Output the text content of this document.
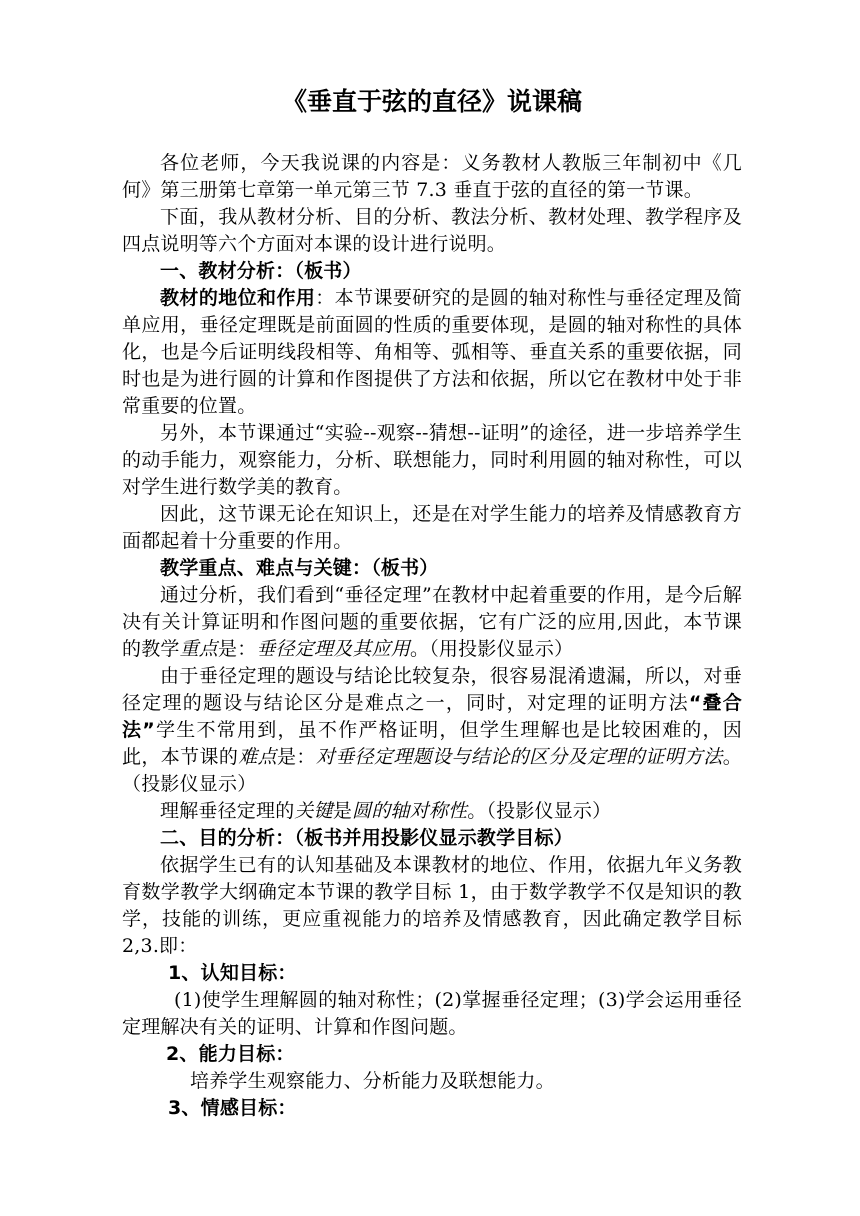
《垂直于弦的直径》说课稿

各位老师，今天我说课的内容是：义务教材人教版三年制初中《几何》第三册第七章第一单元第三节 7.3 垂直于弦的直径的第一节课。

下面，我从教材分析、目的分析、教法分析、教材处理、教学程序及四点说明等六个方面对本课的设计进行说明。

一、教材分析：（板书）

教材的地位和作用：本节课要研究的是圆的轴对称性与垂径定理及简单应用，垂径定理既是前面圆的性质的重要体现，是圆的轴对称性的具体化，也是今后证明线段相等、角相等、弧相等、垂直关系的重要依据，同时也是为进行圆的计算和作图提供了方法和依据，所以它在教材中处于非常重要的位置。

另外，本节课通过“实验--观察--猜想--证明”的途径，进一步培养学生的动手能力，观察能力，分析、联想能力，同时利用圆的轴对称性，可以对学生进行数学美的教育。

因此，这节课无论在知识上，还是在对学生能力的培养及情感教育方面都起着十分重要的作用。

教学重点、难点与关键：（板书）

通过分析，我们看到“垂径定理”在教材中起着重要的作用，是今后解决有关计算证明和作图问题的重要依据，它有广泛的应用,因此，本节课的教学重点是：垂径定理及其应用。（用投影仪显示）

由于垂径定理的题设与结论比较复杂，很容易混淆遗漏，所以，对垂径定理的题设与结论区分是难点之一，同时，对定理的证明方法“叠合法”学生不常用到，虽不作严格证明，但学生理解也是比较困难的，因此，本节课的难点是：对垂径定理题设与结论的区分及定理的证明方法。（投影仪显示）

理解垂径定理的关键是圆的轴对称性。（投影仪显示）

二、目的分析：（板书并用投影仪显示教学目标）

依据学生已有的认知基础及本课教材的地位、作用，依据九年义务教育数学教学大纲确定本节课的教学目标 1，由于数学教学不仅是知识的教学，技能的训练，更应重视能力的培养及情感教育，因此确定教学目标 2,3.即：

1、认知目标：

(1)使学生理解圆的轴对称性；(2)掌握垂径定理；(3)学会运用垂径定理解决有关的证明、计算和作图问题。

2、能力目标：

培养学生观察能力、分析能力及联想能力。

3、情感目标：
